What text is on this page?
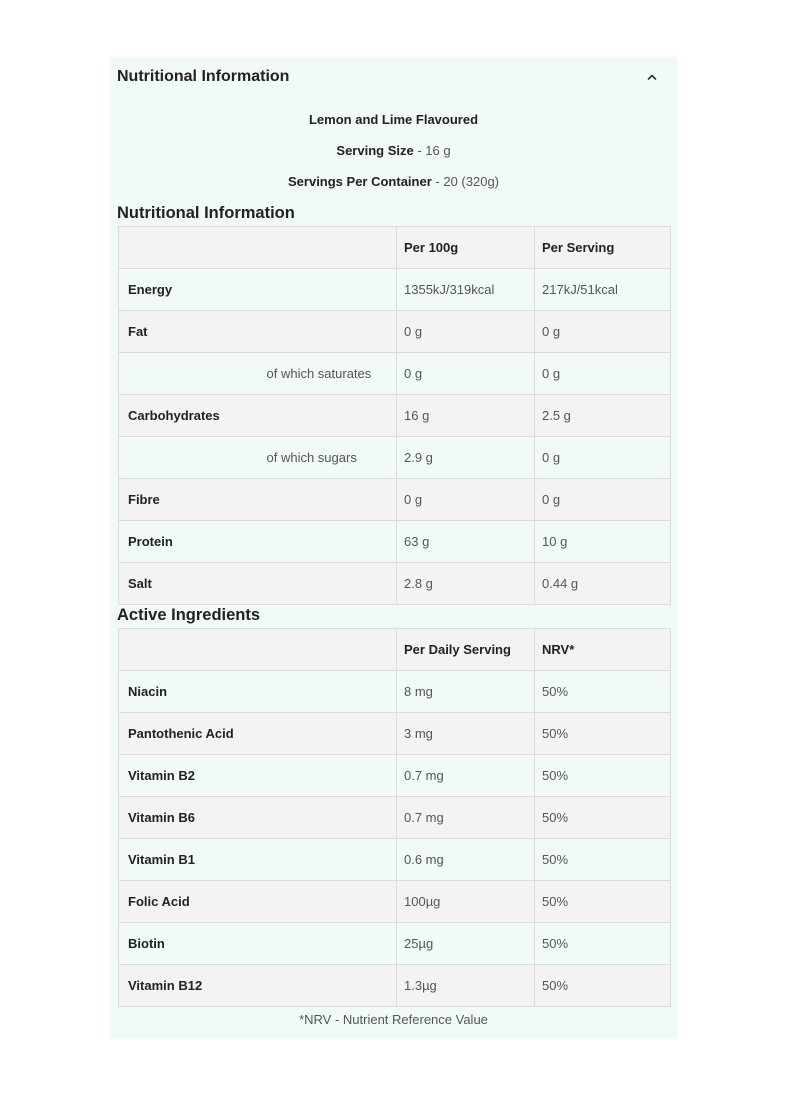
Nutritional Information
Lemon and Lime Flavoured
Serving Size - 16 g
Servings Per Container - 20 (320g)
Nutritional Information
		Per 100g	Per Serving
Energy		1355kJ/319kcal	217kJ/51kcal
Fat		0 g	0 g
	of which saturates	0 g	0 g
Carbohydrates		16 g	2.5 g
	of which sugars	2.9 g	0 g
Fibre		0 g	0 g
Protein		63 g	10 g
Salt		2.8 g	0.44 g
Active Ingredients
		Per Daily Serving	NRV*
Niacin		8 mg	50%
Pantothenic Acid		3 mg	50%
Vitamin B2		0.7 mg	50%
Vitamin B6		0.7 mg	50%
Vitamin B1		0.6 mg	50%
Folic Acid		100µg	50%
Biotin		25µg	50%
Vitamin B12		1.3µg	50%
*NRV - Nutrient Reference Value
